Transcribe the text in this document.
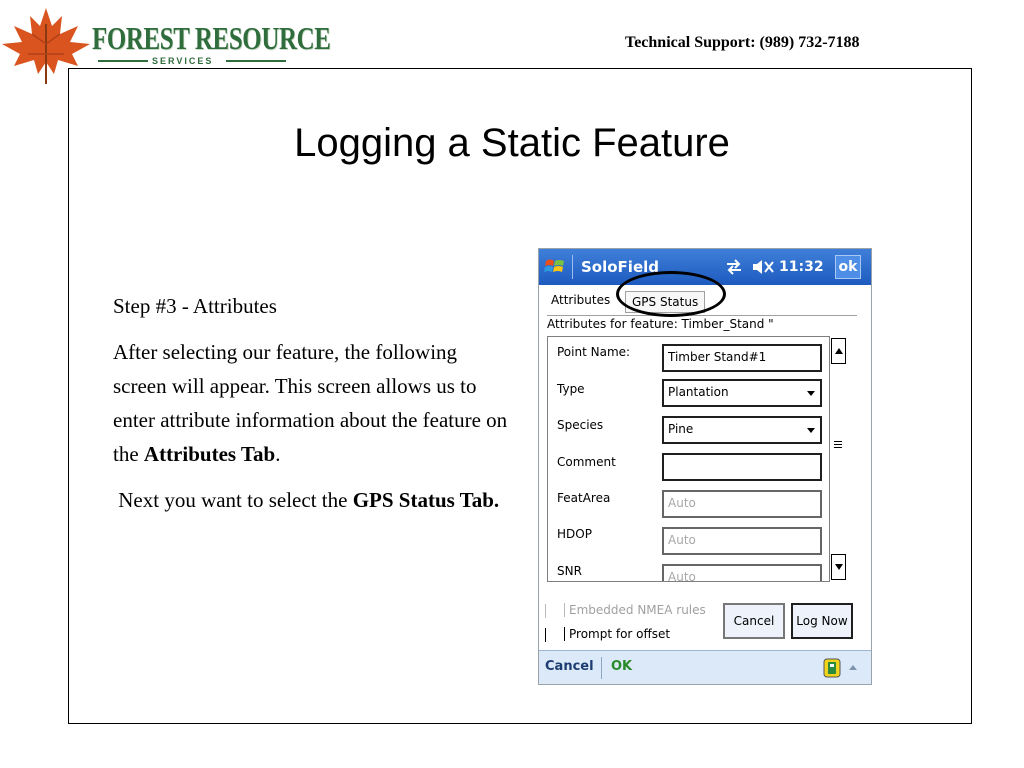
FOREST RESOURCE
SERVICES
Technical Support: (989) 732-7188
Logging a Static Feature

Step #3 - Attributes

After selecting our feature, the following screen will appear. This screen allows us to enter attribute information about the feature on the Attributes Tab.

Next you want to select the GPS Status Tab.

SoloField	11:32 ok
Attributes	GPS Status
Attributes for feature: Timber_Stand "
Point Name:	Timber Stand#1
Type	Plantation
Species	Pine
Comment
FeatArea	Auto
HDOP	Auto
SNR	Auto
Embedded NMEA rules
Prompt for offset
Cancel	Log Now
Cancel OK
